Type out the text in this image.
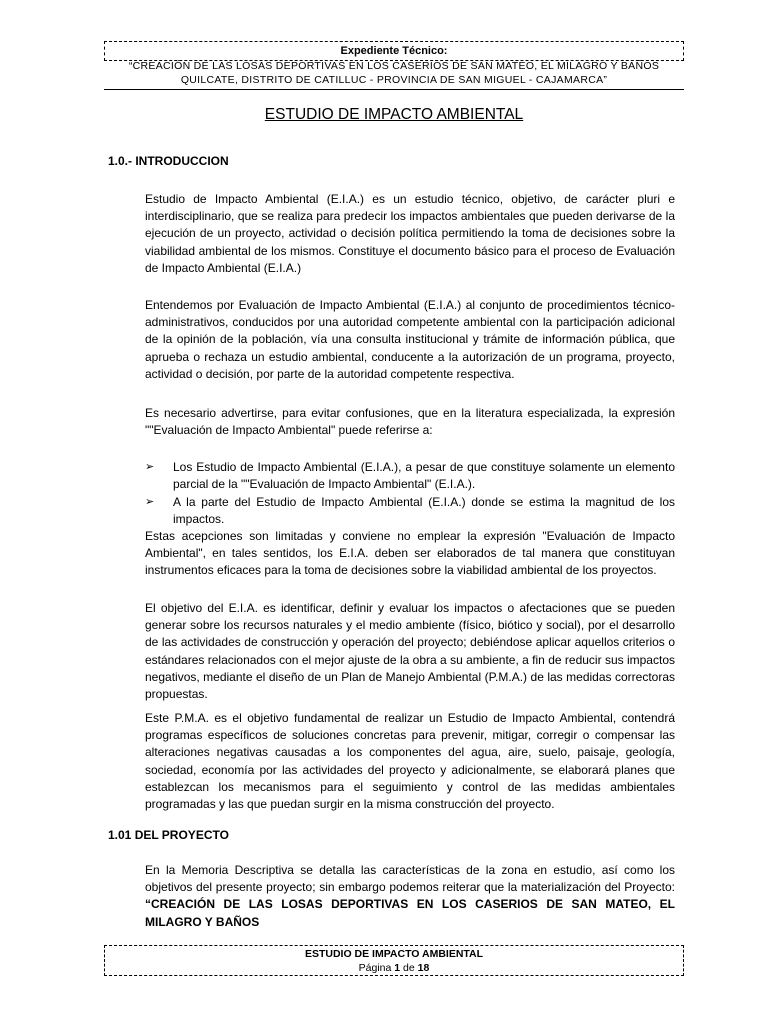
Expediente Técnico:
“CREACIÓN DE LAS LOSAS DEPORTIVAS EN LOS CASERIOS DE SAN MATEO, EL MILAGRO Y BAÑOS
QUILCATE, DISTRITO DE CATILLUC - PROVINCIA DE SAN MIGUEL - CAJAMARCA”
ESTUDIO DE IMPACTO AMBIENTAL
1.0.- INTRODUCCION

Estudio de Impacto Ambiental (E.I.A.) es un estudio técnico, objetivo, de carácter pluri e interdisciplinario, que se realiza para predecir los impactos ambientales que pueden derivarse de la ejecución de un proyecto, actividad o decisión política permitiendo la toma de decisiones sobre la viabilidad ambiental de los mismos. Constituye el documento básico para el proceso de Evaluación de Impacto Ambiental (E.I.A.)

Entendemos por Evaluación de Impacto Ambiental (E.I.A.) al conjunto de procedimientos técnico-administrativos, conducidos por una autoridad competente ambiental con la participación adicional de la opinión de la población, vía una consulta institucional y trámite de información pública, que aprueba o rechaza un estudio ambiental, conducente a la autorización de un programa, proyecto, actividad o decisión, por parte de la autoridad competente respectiva.

Es necesario advertirse, para evitar confusiones, que en la literatura especializada, la expresión ""Evaluación de Impacto Ambiental" puede referirse a:

➢ Los Estudio de Impacto Ambiental (E.I.A.), a pesar de que constituye solamente un elemento parcial de la ""Evaluación de Impacto Ambiental" (E.I.A.).
➢ A la parte del Estudio de Impacto Ambiental (E.I.A.) donde se estima la magnitud de los impactos.

Estas acepciones son limitadas y conviene no emplear la expresión "Evaluación de Impacto Ambiental", en tales sentidos, los E.I.A. deben ser elaborados de tal manera que constituyan instrumentos eficaces para la toma de decisiones sobre la viabilidad ambiental de los proyectos.

El objetivo del E.I.A. es identificar, definir y evaluar los impactos o afectaciones que se pueden generar sobre los recursos naturales y el medio ambiente (físico, biótico y social), por el desarrollo de las actividades de construcción y operación del proyecto; debiéndose aplicar aquellos criterios o estándares relacionados con el mejor ajuste de la obra a su ambiente, a fin de reducir sus impactos negativos, mediante el diseño de un Plan de Manejo Ambiental (P.M.A.) de las medidas correctoras propuestas.

Este P.M.A. es el objetivo fundamental de realizar un Estudio de Impacto Ambiental, contendrá programas específicos de soluciones concretas para prevenir, mitigar, corregir o compensar las alteraciones negativas causadas a los componentes del agua, aire, suelo, paisaje, geología, sociedad, economía por las actividades del proyecto y adicionalmente, se elaborará planes que establezcan los mecanismos para el seguimiento y control de las medidas ambientales programadas y las que puedan surgir en la misma construcción del proyecto.

1.01 DEL PROYECTO

En la Memoria Descriptiva se detalla las características de la zona en estudio, así como los objetivos del presente proyecto; sin embargo podemos reiterar que la materialización del Proyecto: “CREACIÓN DE LAS LOSAS DEPORTIVAS EN LOS CASERIOS DE SAN MATEO, EL MILAGRO Y BAÑOS

ESTUDIO DE IMPACTO AMBIENTAL
Página 1 de 18
